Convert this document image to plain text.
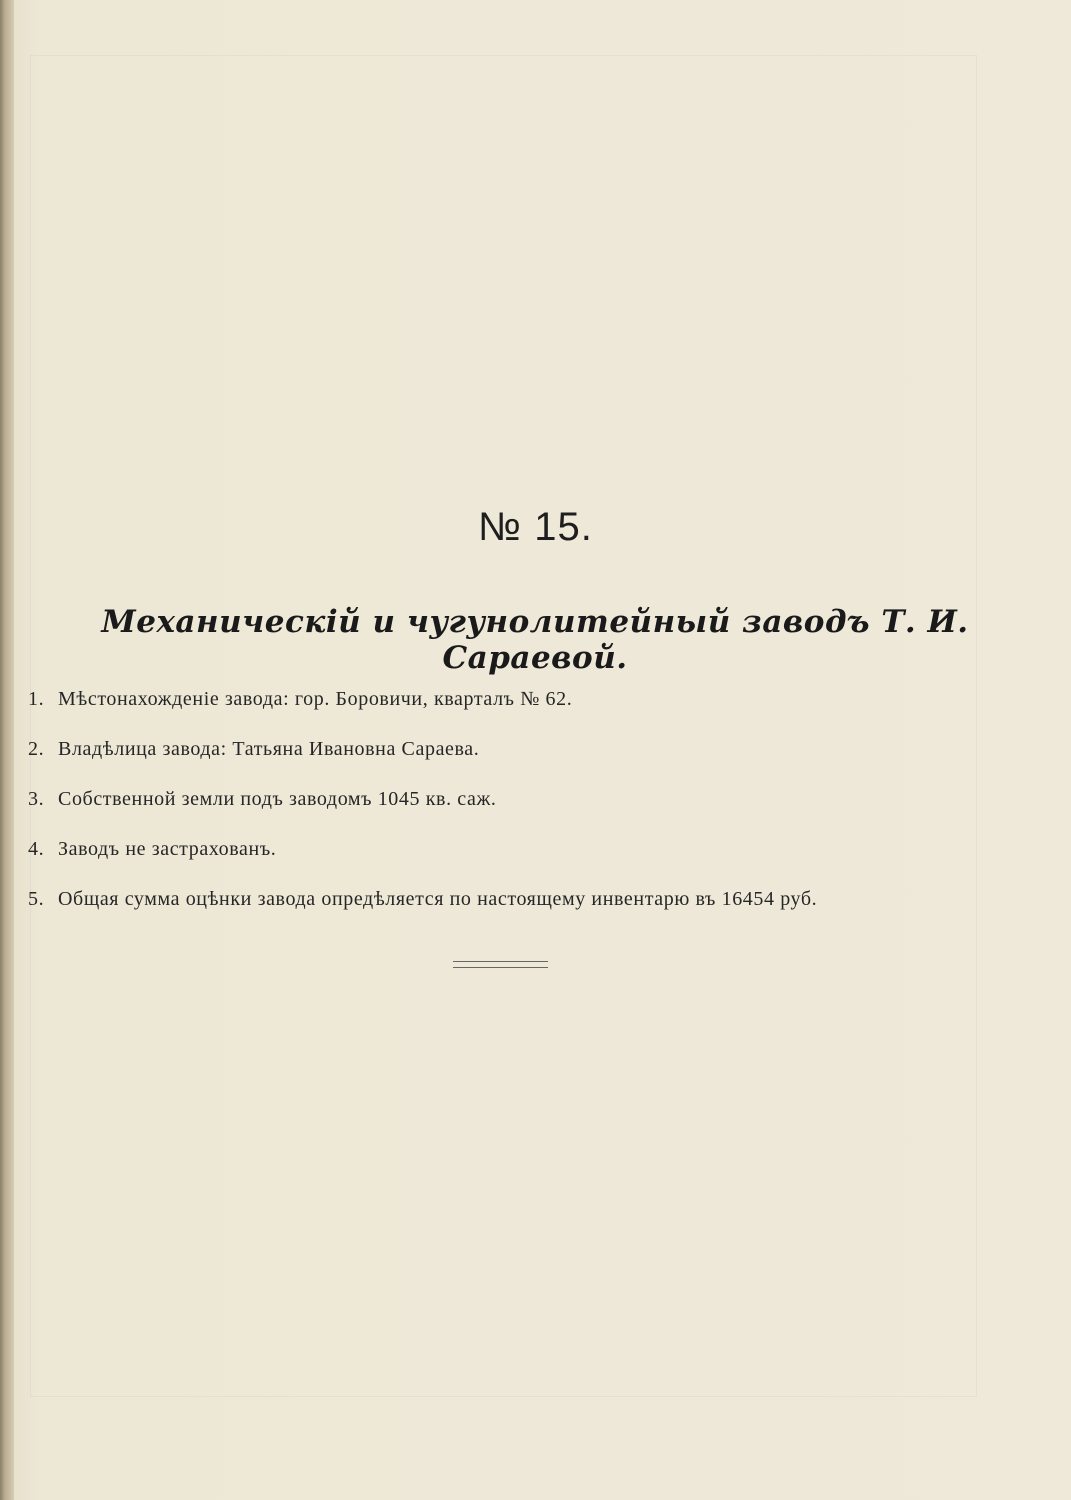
№ 15.
Механическiй и чугунолитейный заводъ Т. И. Сараевой.
1. Мѣстонахожденiе завода: гор. Боровичи, кварталъ № 62.
2. Владѣлица завода: Татьяна Ивановна Сараева.
3. Собственной земли подъ заводомъ 1045 кв. саж.
4. Заводъ не застрахованъ.
5. Общая сумма оцѣнки завода опредѣляется по настоящему инвентарю въ 16454 руб.
